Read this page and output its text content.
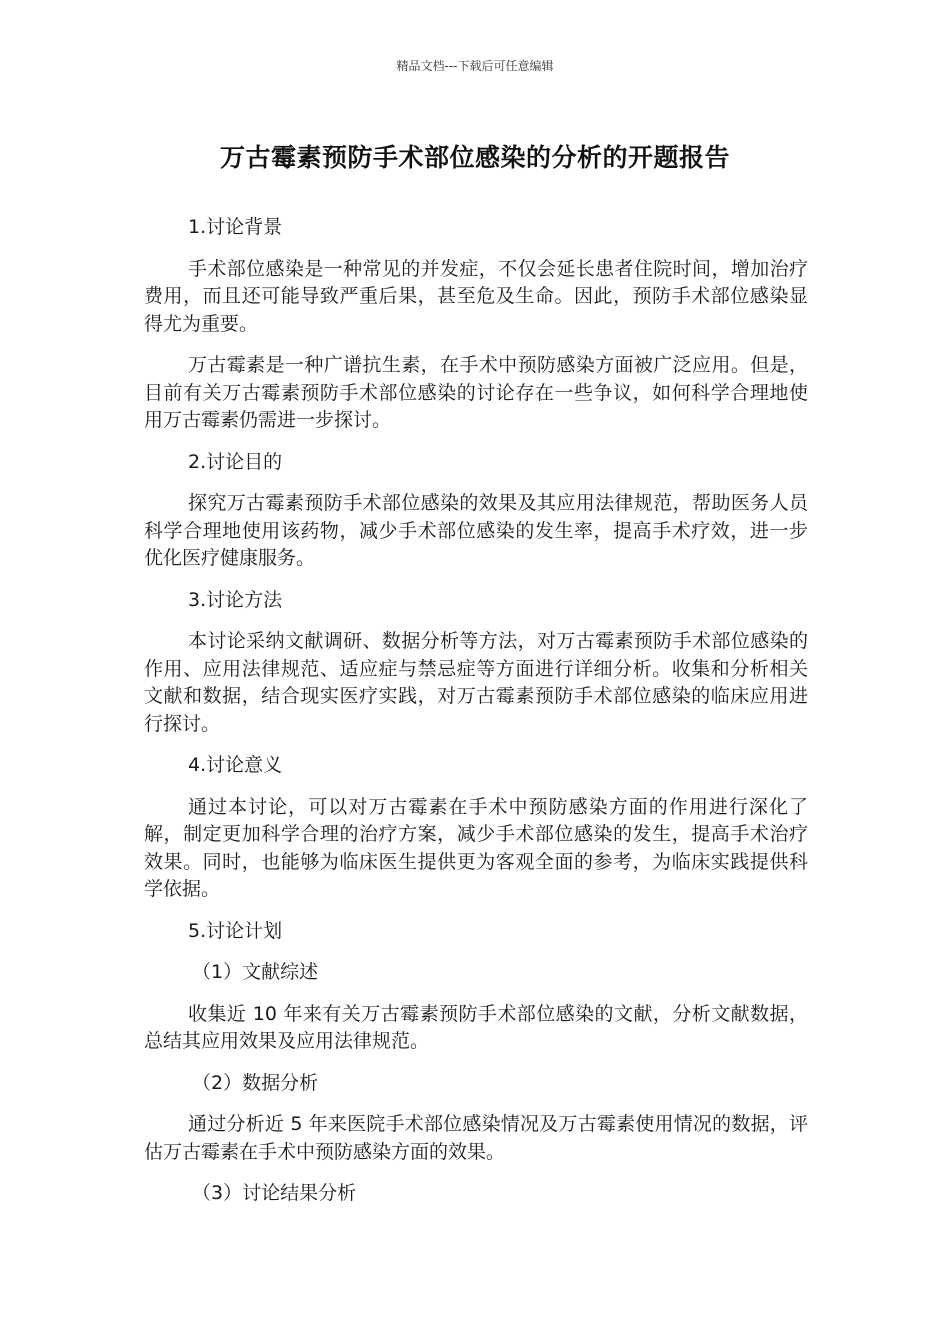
精品文档---下载后可任意编辑
万古霉素预防手术部位感染的分析的开题报告
1.讨论背景

手术部位感染是一种常见的并发症，不仅会延长患者住院时间，增加治疗费用，而且还可能导致严重后果，甚至危及生命。因此，预防手术部位感染显得尤为重要。

万古霉素是一种广谱抗生素，在手术中预防感染方面被广泛应用。但是，目前有关万古霉素预防手术部位感染的讨论存在一些争议，如何科学合理地使用万古霉素仍需进一步探讨。

2.讨论目的

探究万古霉素预防手术部位感染的效果及其应用法律规范，帮助医务人员科学合理地使用该药物，减少手术部位感染的发生率，提高手术疗效，进一步优化医疗健康服务。

3.讨论方法

本讨论采纳文献调研、数据分析等方法，对万古霉素预防手术部位感染的作用、应用法律规范、适应症与禁忌症等方面进行详细分析。收集和分析相关文献和数据，结合现实医疗实践，对万古霉素预防手术部位感染的临床应用进行探讨。

4.讨论意义

通过本讨论，可以对万古霉素在手术中预防感染方面的作用进行深化了解，制定更加科学合理的治疗方案，减少手术部位感染的发生，提高手术治疗效果。同时，也能够为临床医生提供更为客观全面的参考，为临床实践提供科学依据。

5.讨论计划
（1）文献综述

收集近 10 年来有关万古霉素预防手术部位感染的文献，分析文献数据，总结其应用效果及应用法律规范。

（2）数据分析

通过分析近 5 年来医院手术部位感染情况及万古霉素使用情况的数据，评估万古霉素在手术中预防感染方面的效果。

（3）讨论结果分析
